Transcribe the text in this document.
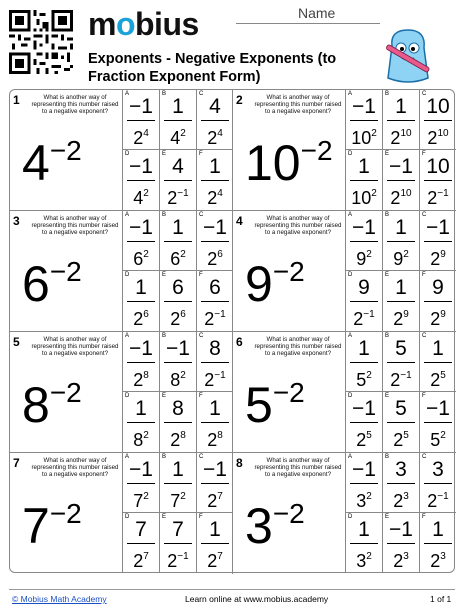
mobius	Name
Exponents - Negative Exponents (to Fraction Exponent Form)
1	What is another way of representing this number raised to a negative exponent?
$4^{-2}$
A
−1
$2^4$
B
1
$4^2$
C
4
$2^4$
D
−1
$4^2$
E
4
$2^{-1}$
F
1
$2^4$
2	What is another way of representing this number raised to a negative exponent?
$10^{-2}$
A
−1
$10^2$
B
1
$2^{10}$
C
10
$2^{10}$
D
1
$10^2$
E
−1
$2^{10}$
F
10
$2^{-1}$
3	What is another way of representing this number raised to a negative exponent?
$6^{-2}$
A
−1
$6^2$
B
1
$6^2$
C
−1
$2^6$
D
1
$2^6$
E
6
$2^6$
F
6
$2^{-1}$
4	What is another way of representing this number raised to a negative exponent?
$9^{-2}$
A
−1
$9^2$
B
1
$9^2$
C
−1
$2^9$
D
9
$2^{-1}$
E
1
$2^9$
F
9
$2^9$
5	What is another way of representing this number raised to a negative exponent?
$8^{-2}$
A
−1
$2^8$
B
−1
$8^2$
C
8
$2^{-1}$
D
1
$8^2$
E
8
$2^8$
F
1
$2^8$
6	What is another way of representing this number raised to a negative exponent?
$5^{-2}$
A
1
$5^2$
B
5
$2^{-1}$
C
1
$2^5$
D
−1
$2^5$
E
5
$2^5$
F
−1
$5^2$
7	What is another way of representing this number raised to a negative exponent?
$7^{-2}$
A
−1
$7^2$
B
1
$7^2$
C
−1
$2^7$
D
7
$2^7$
E
7
$2^{-1}$
F
1
$2^7$
8	What is another way of representing this number raised to a negative exponent?
$3^{-2}$
A
−1
$3^2$
B
3
$2^3$
C
3
$2^{-1}$
D
1
$3^2$
E
−1
$2^3$
F
1
$2^3$
© Mobius Math Academy	Learn online at www.mobius.academy	1 of 1
